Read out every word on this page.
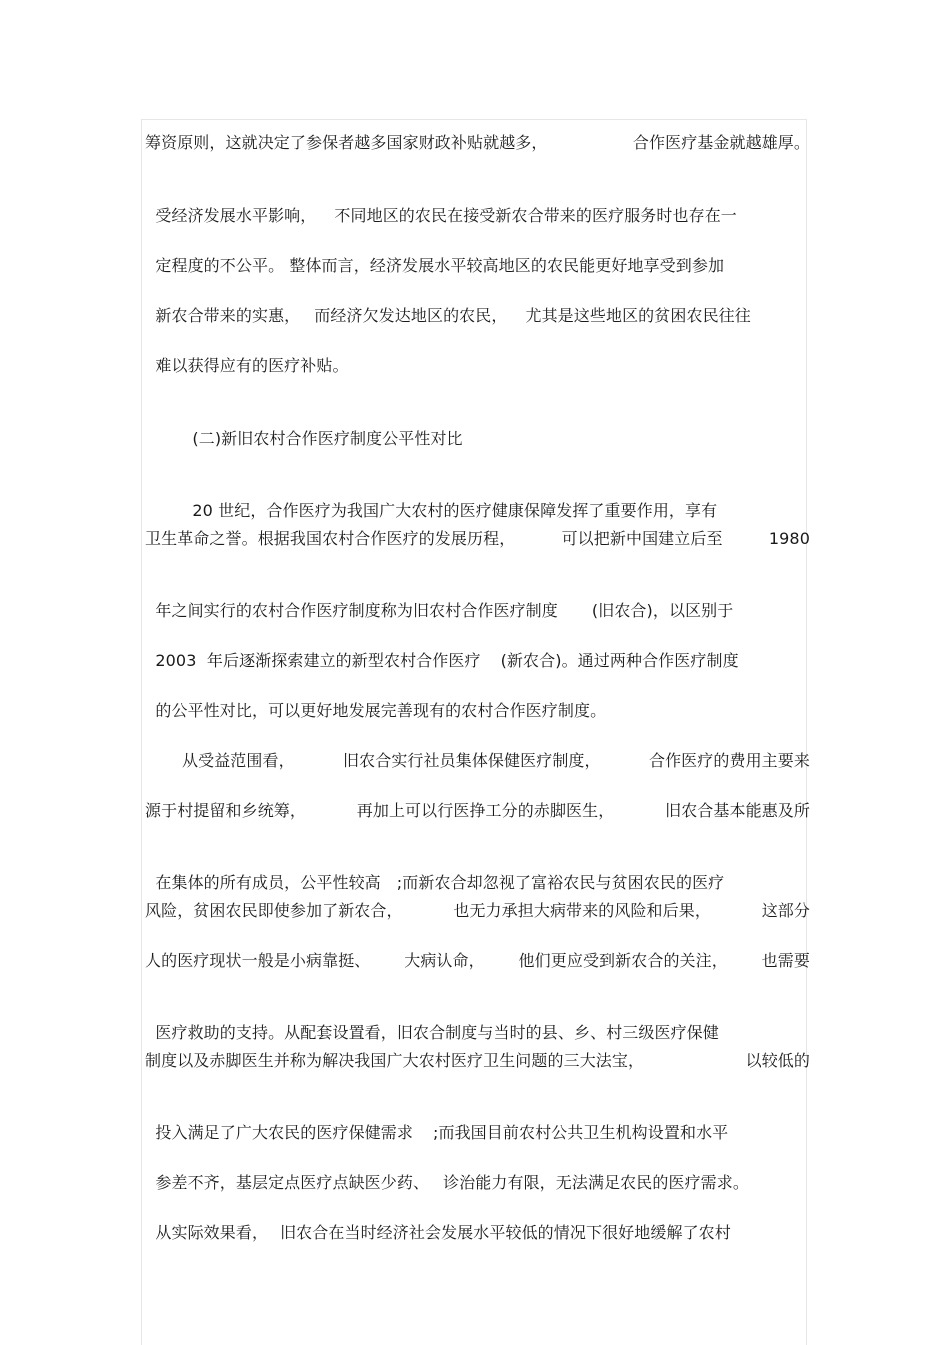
筹资原则，这就决定了参保者越多国家财政补贴就越多，	合作医疗基金就越雄厚。

受经济发展水平影响， 不同地区的农民在接受新农合带来的医疗服务时也存在一

定程度的不公平。 整体而言，经济发展水平较高地区的农民能更好地享受到参加

新农合带来的实惠， 而经济欠发达地区的农民， 尤其是这些地区的贫困农民往往

难以获得应有的医疗补贴。

(二)新旧农村合作医疗制度公平性对比

20 世纪，合作医疗为我国广大农村的医疗健康保障发挥了重要作用，享有

卫生革命之誉。根据我国农村合作医疗的发展历程，	可以把新中国建立后至	1980

年之间实行的农村合作医疗制度称为旧农村合作医疗制度 (旧农合)，以区别于

2003  年后逐渐探索建立的新型农村合作医疗 (新农合)。通过两种合作医疗制度

的公平性对比，可以更好地发展完善现有的农村合作医疗制度。

从受益范围看，	旧农合实行社员集体保健医疗制度，	合作医疗的费用主要来
源于村提留和乡统筹，	再加上可以行医挣工分的赤脚医生，	旧农合基本能惠及所

在集体的所有成员，公平性较高 ;而新农合却忽视了富裕农民与贫困农民的医疗

风险，贫困农民即使参加了新农合，	也无力承担大病带来的风险和后果，	这部分
人的医疗现状一般是小病靠挺、 大病认命， 他们更应受到新农合的关注， 也需要

医疗救助的支持。从配套设置看，旧农合制度与当时的县、乡、村三级医疗保健

制度以及赤脚医生并称为解决我国广大农村医疗卫生问题的三大法宝，	以较低的

投入满足了广大农民的医疗保健需求 ;而我国目前农村公共卫生机构设置和水平

参差不齐，基层定点医疗点缺医少药、 诊治能力有限，无法满足农民的医疗需求。

从实际效果看， 旧农合在当时经济社会发展水平较低的情况下很好地缓解了农村
